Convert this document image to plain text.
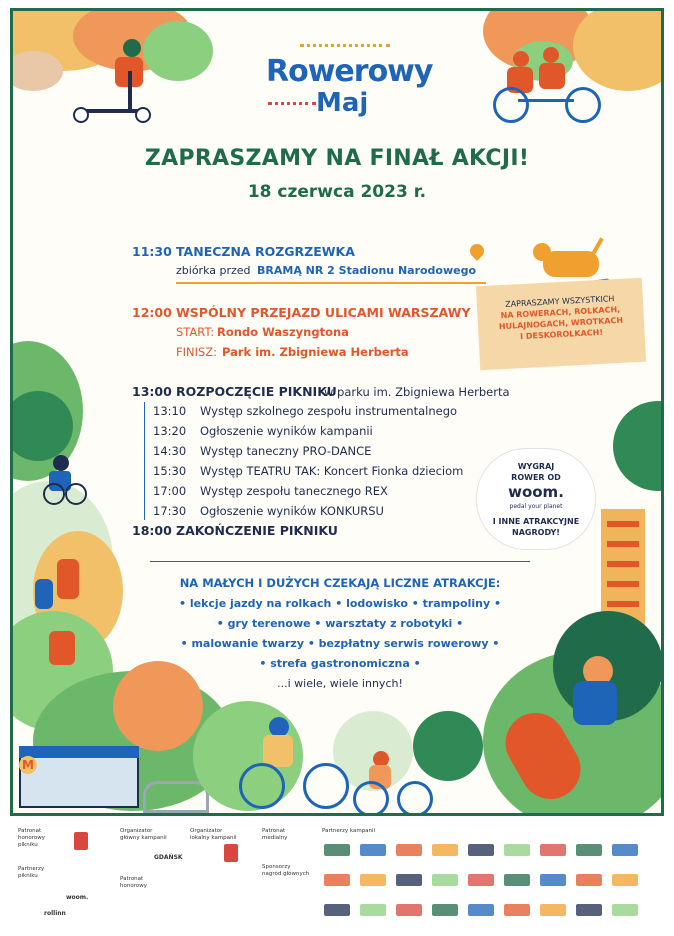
M
Rowerowy
Maj
ZAPRASZAMY NA FINAŁ AKCJI!
18 czerwca 2023 r.
11:30 TANECZNA ROZGRZEWKA
zbiórka przed BRAMĄ NR 2 Stadionu Narodowego
12:00 WSPÓLNY PRZEJAZD ULICAMI WARSZAWY
START: Rondo Waszyngtona
FINISZ: Park im. Zbigniewa Herberta
13:00 ROZPOCZĘCIE PIKNIKU
w parku im. Zbigniewa Herberta
13:10 Występ szkolnego zespołu instrumentalnego
13:20 Ogłoszenie wyników kampanii
14:30 Występ taneczny PRO-DANCE
15:30 Występ TEATRU TAK: Koncert Fionka dzieciom
17:00 Występ zespołu tanecznego REX
17:30 Ogłoszenie wyników KONKURSU
18:00 ZAKOŃCZENIE PIKNIKU
ZAPRASZAMY WSZYSTKICH
NA ROWERACH, ROLKACH,
HULAJNOGACH, WROTKACH
I DESKOROLKACH!
WYGRAJ
ROWER OD
woom.
pedal your planet
I INNE ATRAKCYJNE
NAGRODY!
NA MAŁYCH I DUŻYCH CZEKAJĄ LICZNE ATRAKCJE:
• lekcje jazdy na rolkach • lodowisko • trampoliny •
• gry terenowe • warsztaty z robotyki •
• malowanie twarzy • bezpłatny serwis rowerowy •
• strefa gastronomiczna •
...i wiele, wiele innych!
Patronat honorowy pikniku
Partnerzy pikniku
Organizator główny kampanii
GDAŃSK
Organizator lokalny kampanii
Patronat honorowy
Patronat medialny
Sponsorzy nagród głównych
Partnerzy kampanii
woom.
rollinn
